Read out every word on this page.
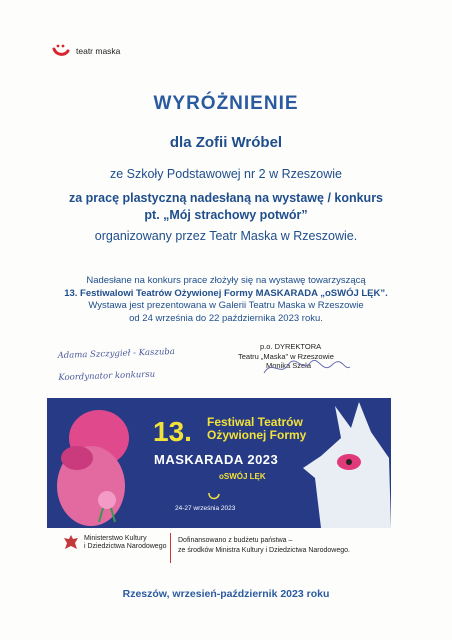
teatr maska
WYRÓŻNIENIE
dla Zofii Wróbel
ze Szkoły Podstawowej nr 2 w Rzeszowie
za pracę plastyczną nadesłaną na wystawę / konkurs
pt. „Mój strachowy potwór”
organizowany przez Teatr Maska w Rzeszowie.
Nadesłane na konkurs prace złożyły się na wystawę towarzyszącą
13. Festiwalowi Teatrów Ożywionej Formy MASKARADA „oSWÓJ LĘK”.
Wystawa jest prezentowana w Galerii Teatru Maska w Rzeszowie
od 24 września do 22 października 2023 roku.
Adama Szczygieł - Kaszuba
Koordynator konkursu
p.o. DYREKTORA
Teatru „Maska” w Rzeszowie
Monika Szela
13. Festiwal Teatrów
Ożywionej Formy
MASKARADA 2023
oSWÓJ LĘK
24-27 września 2023
Ministerstwo Kultury
i Dziedzictwa Narodowego
Dofinansowano z budżetu państwa –
ze środków Ministra Kultury i Dziedzictwa Narodowego.
Rzeszów, wrzesień-październik 2023 roku
